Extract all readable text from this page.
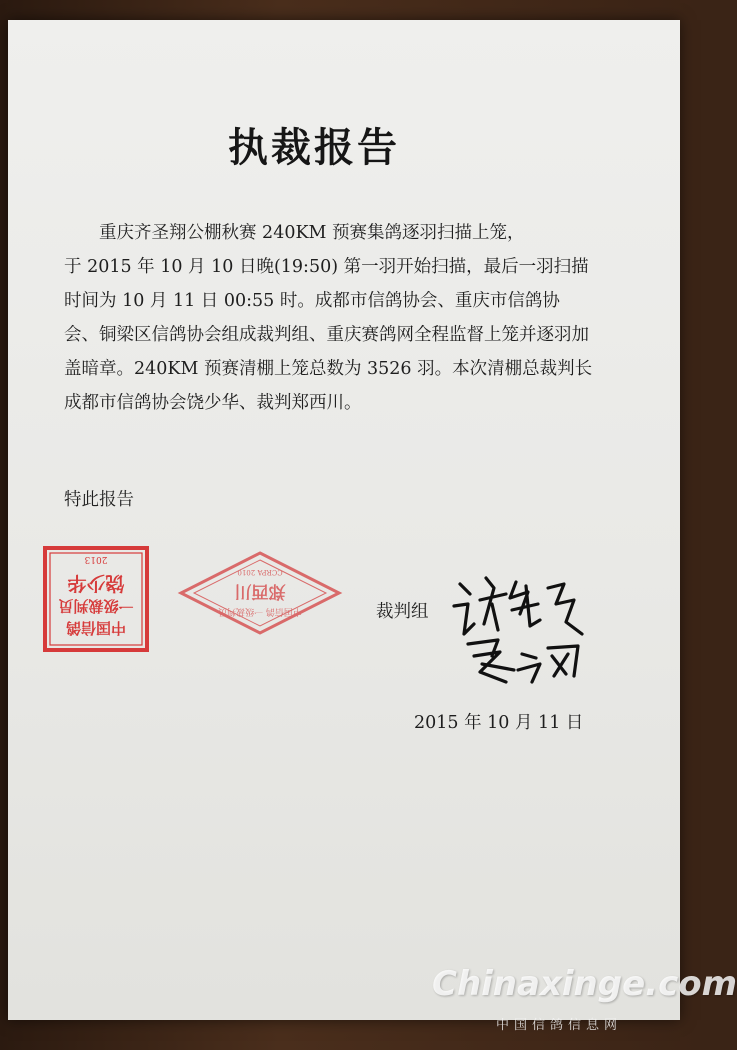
执裁报告
重庆齐圣翔公棚秋赛 240KM 预赛集鸽逐羽扫描上笼，
于 2015 年 10 月 10 日晚(19:50) 第一羽开始扫描，最后一羽扫描时间为 10 月 11 日 00:55 时。成都市信鸽协会、重庆市信鸽协会、铜梁区信鸽协会组成裁判组、重庆赛鸽网全程监督上笼并逐羽加盖暗章。240KM 预赛清棚上笼总数为 3526 羽。本次清棚总裁判长成都市信鸽协会饶少华、裁判郑西川。
特此报告
中国信鸽
一级裁判员
饶少华
2013
中国信鸽 一级裁判员
郑西川
CCRPA 2010
裁判组
2015 年 10 月 11 日
Chinaxinge.com
中国信鸽信息网
